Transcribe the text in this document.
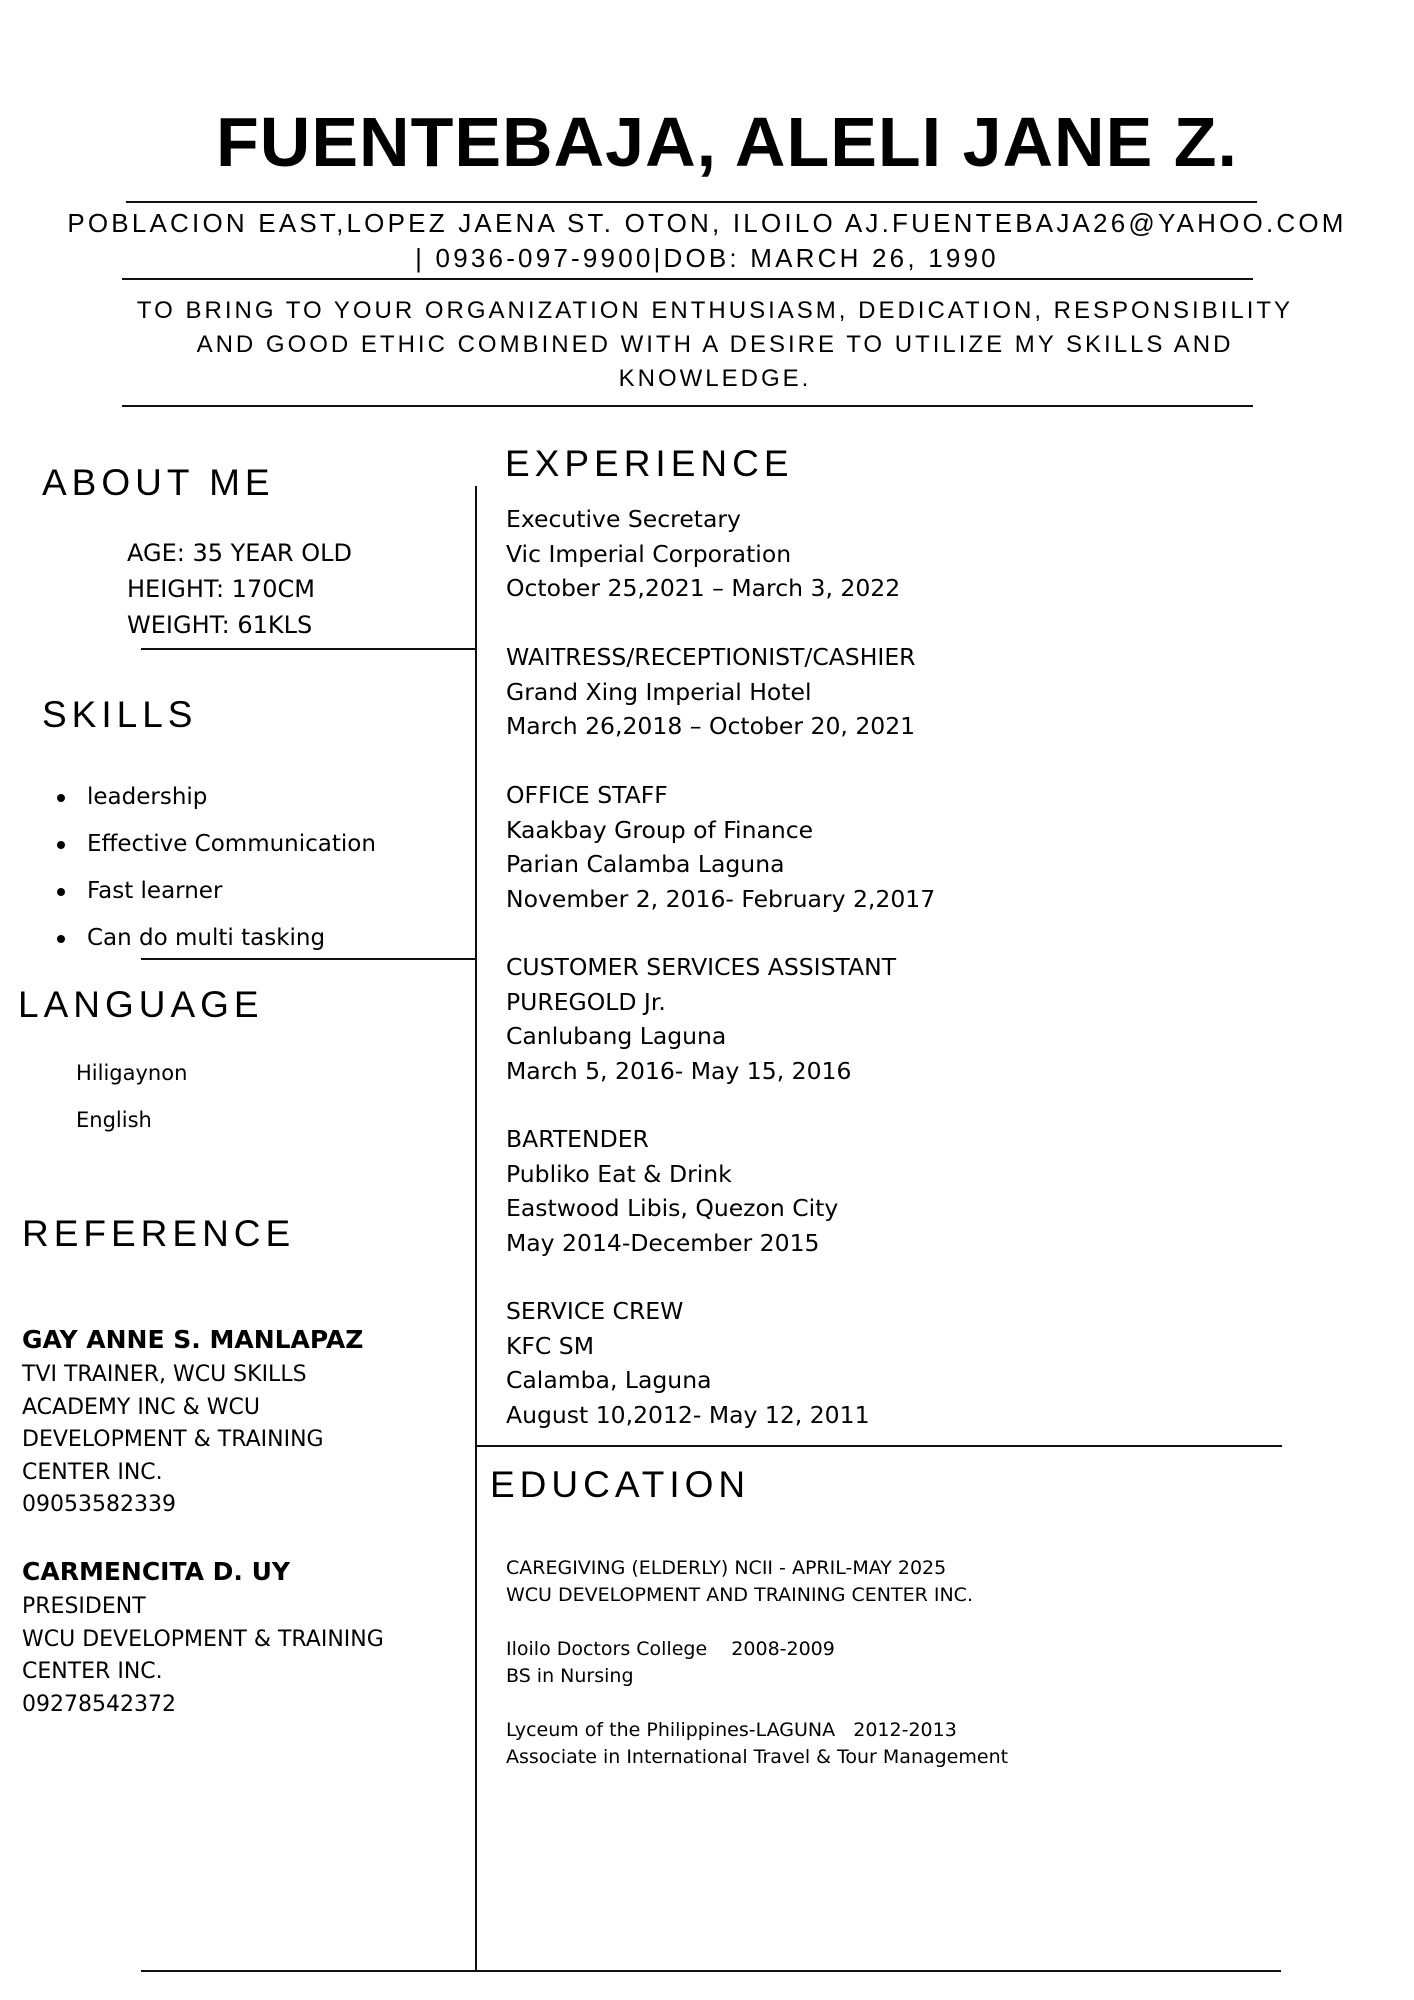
FUENTEBAJA, ALELI JANE Z.
POBLACION EAST,LOPEZ JAENA ST. OTON, ILOILO AJ.FUENTEBAJA26@YAHOO.COM
| 0936-097-9900|DOB: MARCH 26, 1990
TO BRING TO YOUR ORGANIZATION ENTHUSIASM, DEDICATION, RESPONSIBILITY AND GOOD ETHIC COMBINED WITH A DESIRE TO UTILIZE MY SKILLS AND KNOWLEDGE.
ABOUT ME
AGE: 35 YEAR OLD
HEIGHT: 170CM
WEIGHT: 61KLS
SKILLS
leadership
Effective Communication
Fast learner
Can do multi tasking
LANGUAGE
Hiligaynon
English
REFERENCE
GAY ANNE S. MANLAPAZ
TVI TRAINER, WCU SKILLS
ACADEMY INC & WCU
DEVELOPMENT & TRAINING
CENTER INC.
09053582339
CARMENCITA D. UY
PRESIDENT
WCU DEVELOPMENT & TRAINING
CENTER INC.
09278542372
EXPERIENCE
Executive Secretary
Vic Imperial Corporation
October 25,2021 – March 3, 2022
WAITRESS/RECEPTIONIST/CASHIER
Grand Xing Imperial Hotel
March 26,2018 – October 20, 2021
OFFICE STAFF
Kaakbay Group of Finance
Parian Calamba Laguna
November 2, 2016- February 2,2017
CUSTOMER SERVICES ASSISTANT
PUREGOLD Jr.
Canlubang Laguna
March 5, 2016- May 15, 2016
BARTENDER
Publiko Eat & Drink
Eastwood Libis, Quezon City
May 2014-December 2015
SERVICE CREW
KFC SM
Calamba, Laguna
August 10,2012- May 12, 2011
EDUCATION
CAREGIVING (ELDERLY) NCII - APRIL-MAY 2025
WCU DEVELOPMENT AND TRAINING CENTER INC.
Iloilo Doctors College    2008-2009
BS in Nursing
Lyceum of the Philippines-LAGUNA   2012-2013
Associate in International Travel & Tour Management
